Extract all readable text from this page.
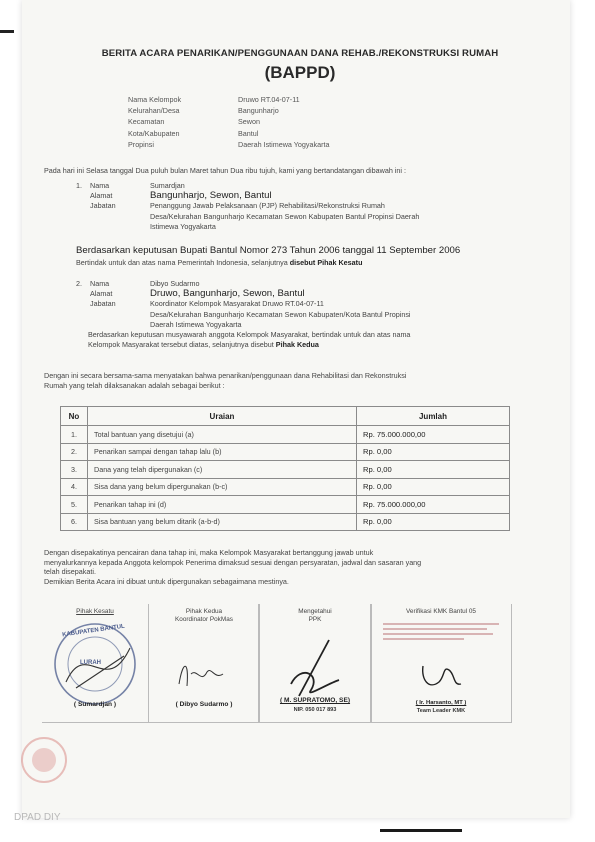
BERITA ACARA PENARIKAN/PENGGUNAAN DANA REHAB./REKONSTRUKSI RUMAH
(BAPPD)
Nama Kelompok	Druwo RT.04-07-11
Kelurahan/Desa	Bangunharjo
Kecamatan	Sewon
Kota/Kabupaten	Bantul
Propinsi	Daerah Istimewa Yogyakarta
Pada hari ini Selasa tanggal Dua puluh bulan Maret tahun Dua ribu tujuh, kami yang bertandatangan dibawah ini :
1. Nama	Sumardjan
Alamat	Bangunharjo, Sewon, Bantul
Jabatan	Penanggung Jawab Pelaksanaan (PJP) Rehabilitasi/Rekonstruksi Rumah
Desa/Kelurahan Bangunharjo Kecamatan Sewon Kabupaten Bantul Propinsi Daerah
Istimewa Yogyakarta
Berdasarkan keputusan Bupati Bantul Nomor 273 Tahun 2006 tanggal 11 September 2006
Bertindak untuk dan atas nama Pemerintah Indonesia, selanjutnya disebut Pihak Kesatu
2. Nama	Dibyo Sudarmo
Alamat	Druwo, Bangunharjo, Sewon, Bantul
Jabatan	Koordinator Kelompok Masyarakat Druwo RT.04-07-11
Desa/Kelurahan Bangunharjo Kecamatan Sewon Kabupaten/Kota Bantul Propinsi
Daerah Istimewa Yogyakarta
Berdasarkan keputusan musyawarah anggota Kelompok Masyarakat, bertindak untuk dan atas nama
Kelompok Masyarakat tersebut diatas, selanjutnya disebut Pihak Kedua
Dengan ini secara bersama-sama menyatakan bahwa penarikan/penggunaan dana Rehabilitasi dan Rekonstruksi
Rumah yang telah dilaksanakan adalah sebagai berikut :
No	Uraian	Jumlah
1.	Total bantuan yang disetujui (a)	Rp. 75.000.000,00
2.	Penarikan sampai dengan tahap lalu (b)	Rp. 0,00
3.	Dana yang telah dipergunakan (c)	Rp. 0,00
4.	Sisa dana yang belum dipergunakan (b-c)	Rp. 0,00
5.	Penarikan tahap ini (d)	Rp. 75.000.000,00
6.	Sisa bantuan yang belum ditarik (a-b-d)	Rp. 0,00
Dengan disepakatinya pencairan dana tahap ini, maka Kelompok Masyarakat bertanggung jawab untuk
menyalurkannya kepada Anggota kelompok Penerima dimaksud sesuai dengan persyaratan, jadwal dan sasaran yang
telah disepakati.
Demikian Berita Acara ini dibuat untuk dipergunakan sebagaimana mestinya.
Pihak Kesatu
KABUPATEN BANTUL
LURAH
( Sumardjan )
Pihak Kedua
Koordinator PokMas
( Dibyo Sudarmo )
Mengetahui
PPK
( M. SUPRATOMO, SE)
NIP. 050 017 893
Verifikasi KMK Bantul 05
( Ir. Harsanto, MT )
Team Leader KMK
DPAD DIY
